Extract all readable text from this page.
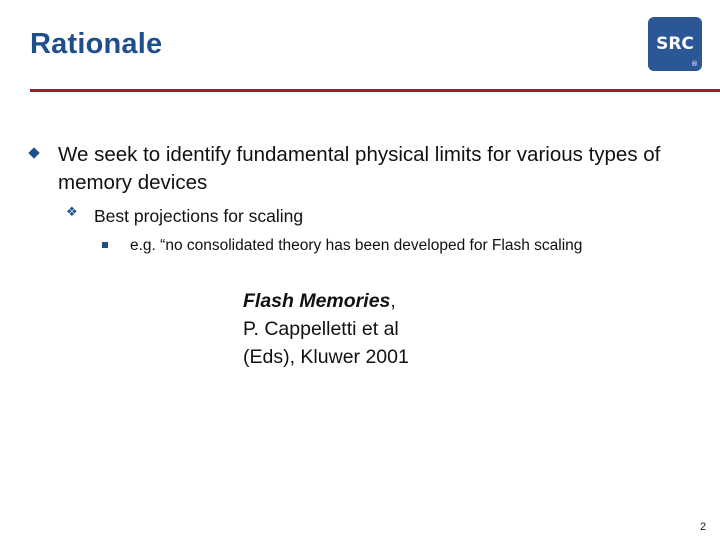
Rationale	SRC
®
We seek to identify fundamental physical limits for various types of memory devices
❖ Best projections for scaling
e.g. “no consolidated theory has been developed for Flash scaling
Flash Memories,
P. Cappelletti et al
(Eds), Kluwer 2001
2
